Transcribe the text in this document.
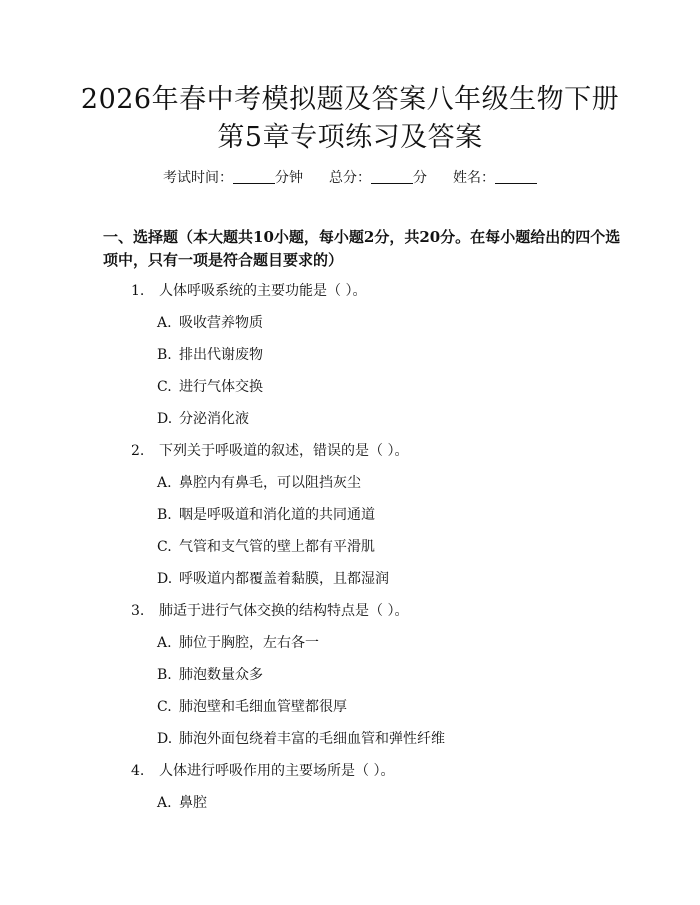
2026年春中考模拟题及答案八年级生物下册
第5章专项练习及答案
考试时间：	分钟 总分：	分 姓名：
一、选择题（本大题共10小题，每小题2分，共20分。在每小题给出的四个选
项中，只有一项是符合题目要求的）
1. 人体呼吸系统的主要功能是（ ）。
A. 吸收营养物质
B. 排出代谢废物
C. 进行气体交换
D. 分泌消化液
2. 下列关于呼吸道的叙述，错误的是（ ）。
A. 鼻腔内有鼻毛，可以阻挡灰尘
B. 咽是呼吸道和消化道的共同通道
C. 气管和支气管的壁上都有平滑肌
D. 呼吸道内都覆盖着黏膜，且都湿润
3. 肺适于进行气体交换的结构特点是（ ）。
A. 肺位于胸腔，左右各一
B. 肺泡数量众多
C. 肺泡壁和毛细血管壁都很厚
D. 肺泡外面包绕着丰富的毛细血管和弹性纤维
4. 人体进行呼吸作用的主要场所是（ ）。
A. 鼻腔
